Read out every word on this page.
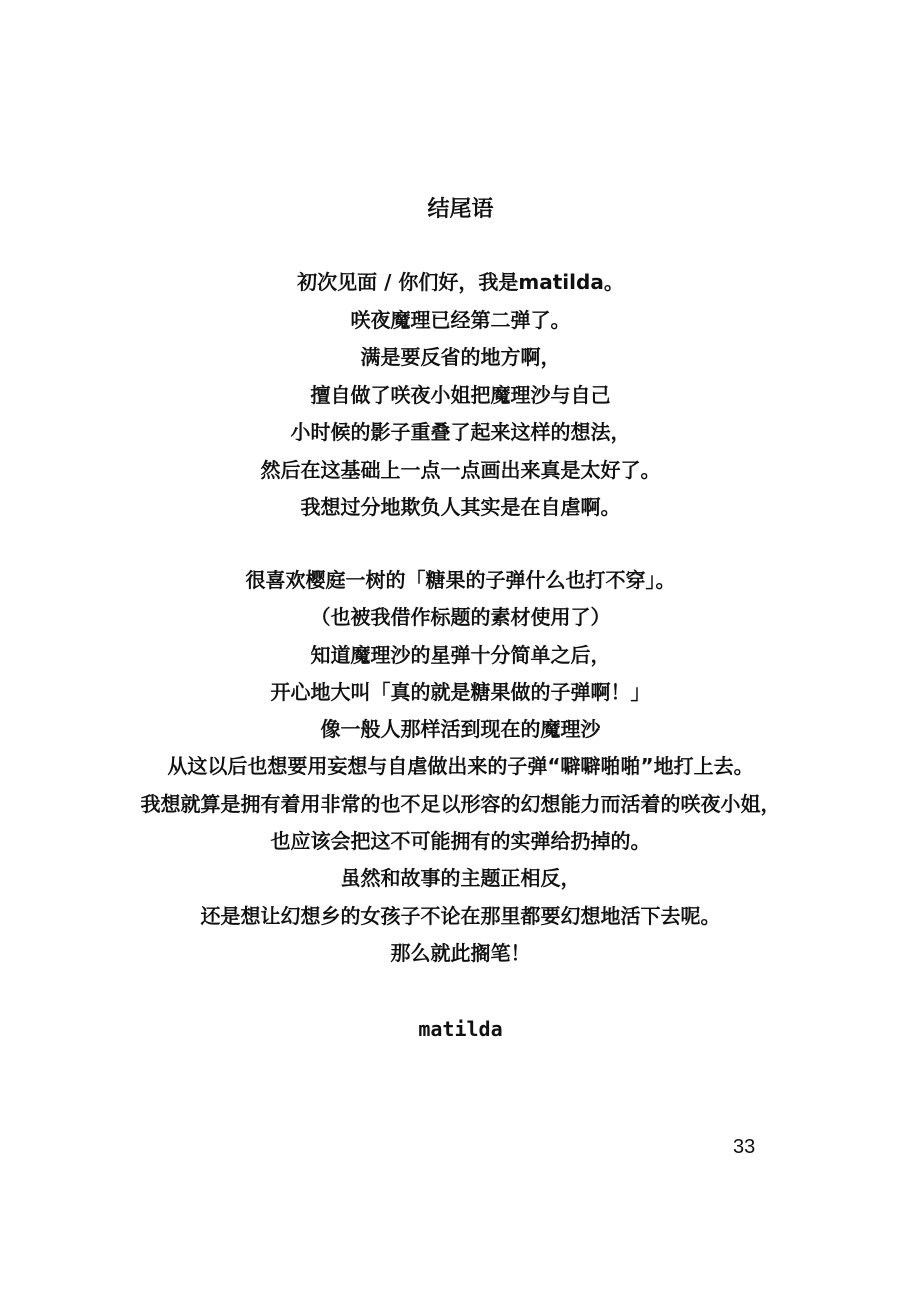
结尾语
初次见面 / 你们好，我是matilda。
咲夜魔理已经第二弹了。
满是要反省的地方啊，
擅自做了咲夜小姐把魔理沙与自己
小时候的影子重叠了起来这样的想法，
然后在这基础上一点一点画出来真是太好了。
我想过分地欺负人其实是在自虐啊。
很喜欢樱庭一树的「糖果的子弹什么也打不穿」。
（也被我借作标题的素材使用了）
知道魔理沙的星弹十分简单之后，
开心地大叫「真的就是糖果做的子弹啊！」
像一般人那样活到现在的魔理沙
从这以后也想要用妄想与自虐做出来的子弹“噼噼啪啪”地打上去。
我想就算是拥有着用非常的也不足以形容的幻想能力而活着的咲夜小姐，
也应该会把这不可能拥有的实弹给扔掉的。
虽然和故事的主题正相反，
还是想让幻想乡的女孩子不论在那里都要幻想地活下去呢。
那么就此搁笔！
matilda
33
